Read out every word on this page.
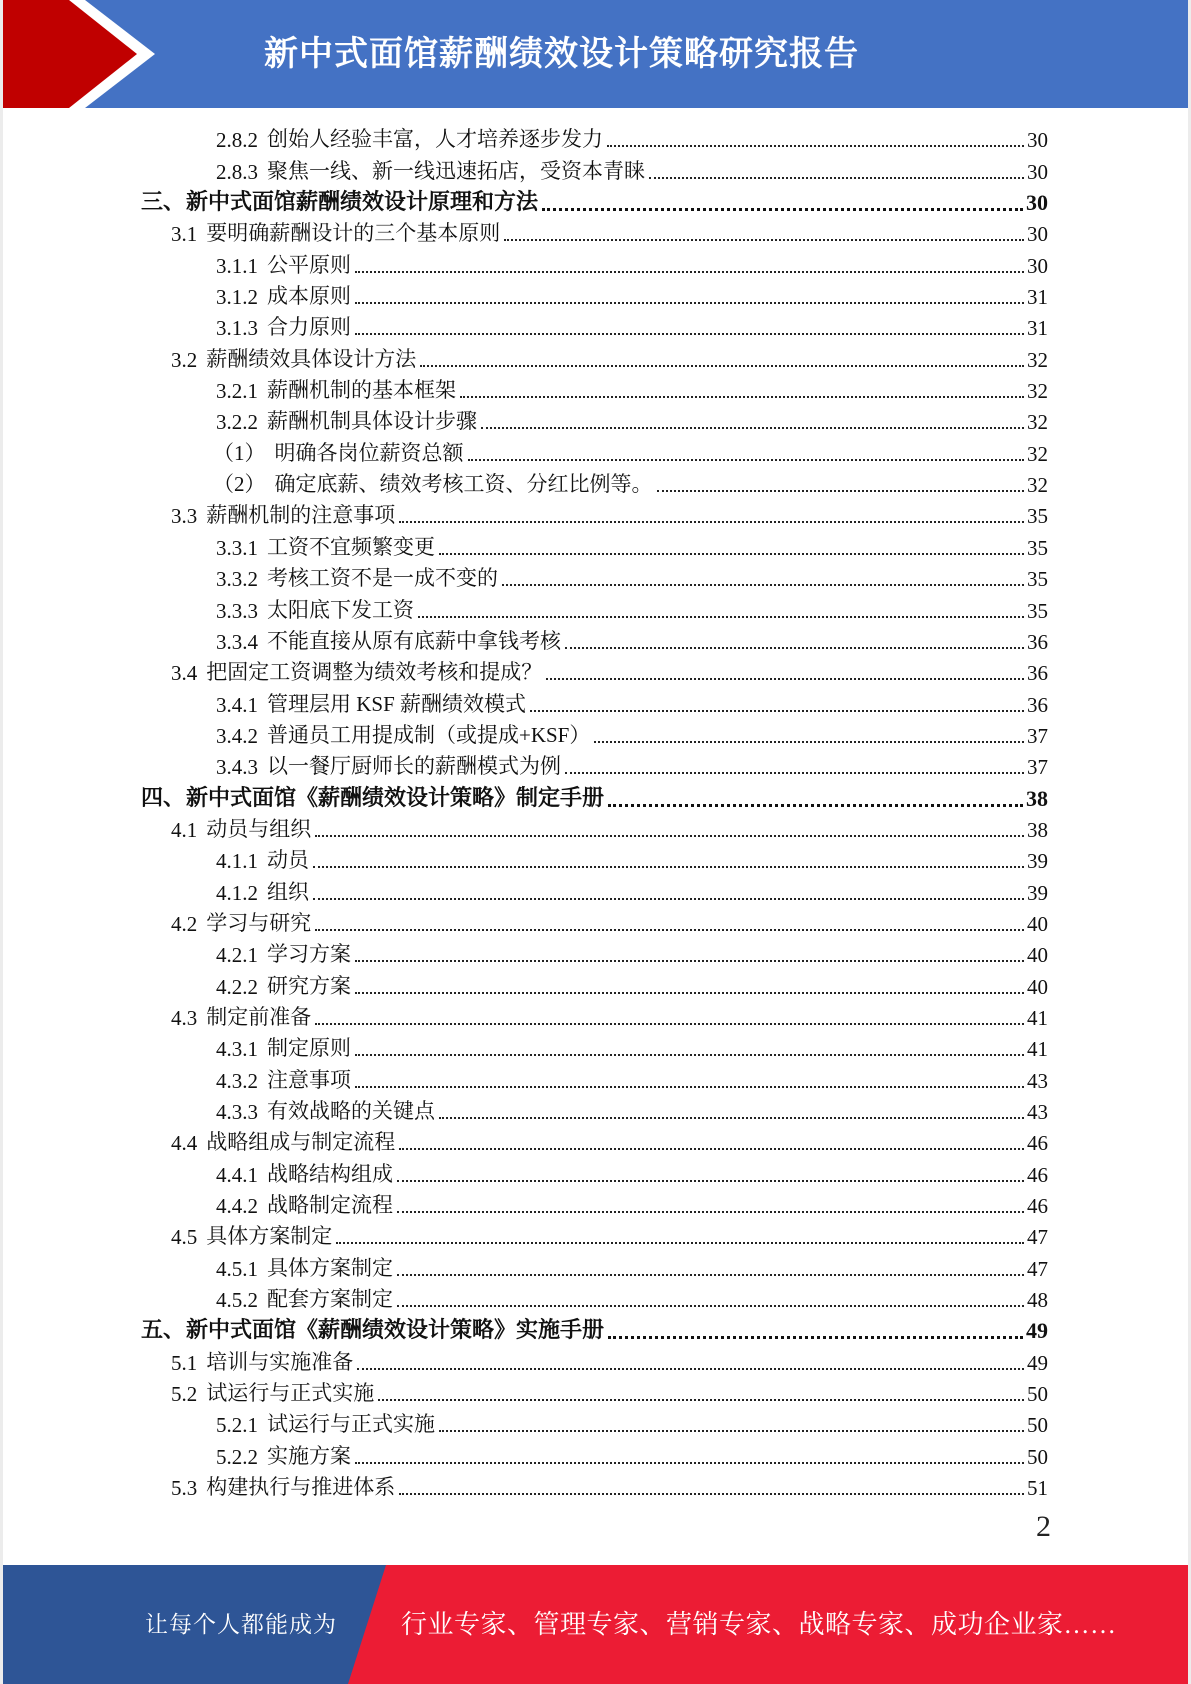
新中式面馆薪酬绩效设计策略研究报告
2.8.2 创始人经验丰富，人才培养逐步发力	30
2.8.3 聚焦一线、新一线迅速拓店，受资本青睐	30
三、 新中式面馆薪酬绩效设计原理和方法	30
3.1 要明确薪酬设计的三个基本原则	30
3.1.1 公平原则	30
3.1.2 成本原则	31
3.1.3 合力原则	31
3.2 薪酬绩效具体设计方法	32
3.2.1 薪酬机制的基本框架	32
3.2.2 薪酬机制具体设计步骤	32
（1） 明确各岗位薪资总额	32
（2） 确定底薪、绩效考核工资、分红比例等。	32
3.3 薪酬机制的注意事项	35
3.3.1 工资不宜频繁变更	35
3.3.2 考核工资不是一成不变的	35
3.3.3 太阳底下发工资	35
3.3.4 不能直接从原有底薪中拿钱考核	36
3.4 把固定工资调整为绩效考核和提成？	36
3.4.1 管理层用 KSF 薪酬绩效模式	36
3.4.2 普通员工用提成制（或提成+KSF）	37
3.4.3 以一餐厅厨师长的薪酬模式为例	37
四、 新中式面馆《薪酬绩效设计策略》制定手册	38
4.1 动员与组织	38
4.1.1 动员	39
4.1.2 组织	39
4.2 学习与研究	40
4.2.1 学习方案	40
4.2.2 研究方案	40
4.3 制定前准备	41
4.3.1 制定原则	41
4.3.2 注意事项	43
4.3.3 有效战略的关键点	43
4.4 战略组成与制定流程	46
4.4.1 战略结构组成	46
4.4.2 战略制定流程	46
4.5 具体方案制定	47
4.5.1 具体方案制定	47
4.5.2 配套方案制定	48
五、 新中式面馆《薪酬绩效设计策略》实施手册	49
5.1 培训与实施准备	49
5.2 试运行与正式实施	50
5.2.1 试运行与正式实施	50
5.2.2 实施方案	50
5.3 构建执行与推进体系	51
2
让每个人都能成为 行业专家、管理专家、营销专家、战略专家、成功企业家……
